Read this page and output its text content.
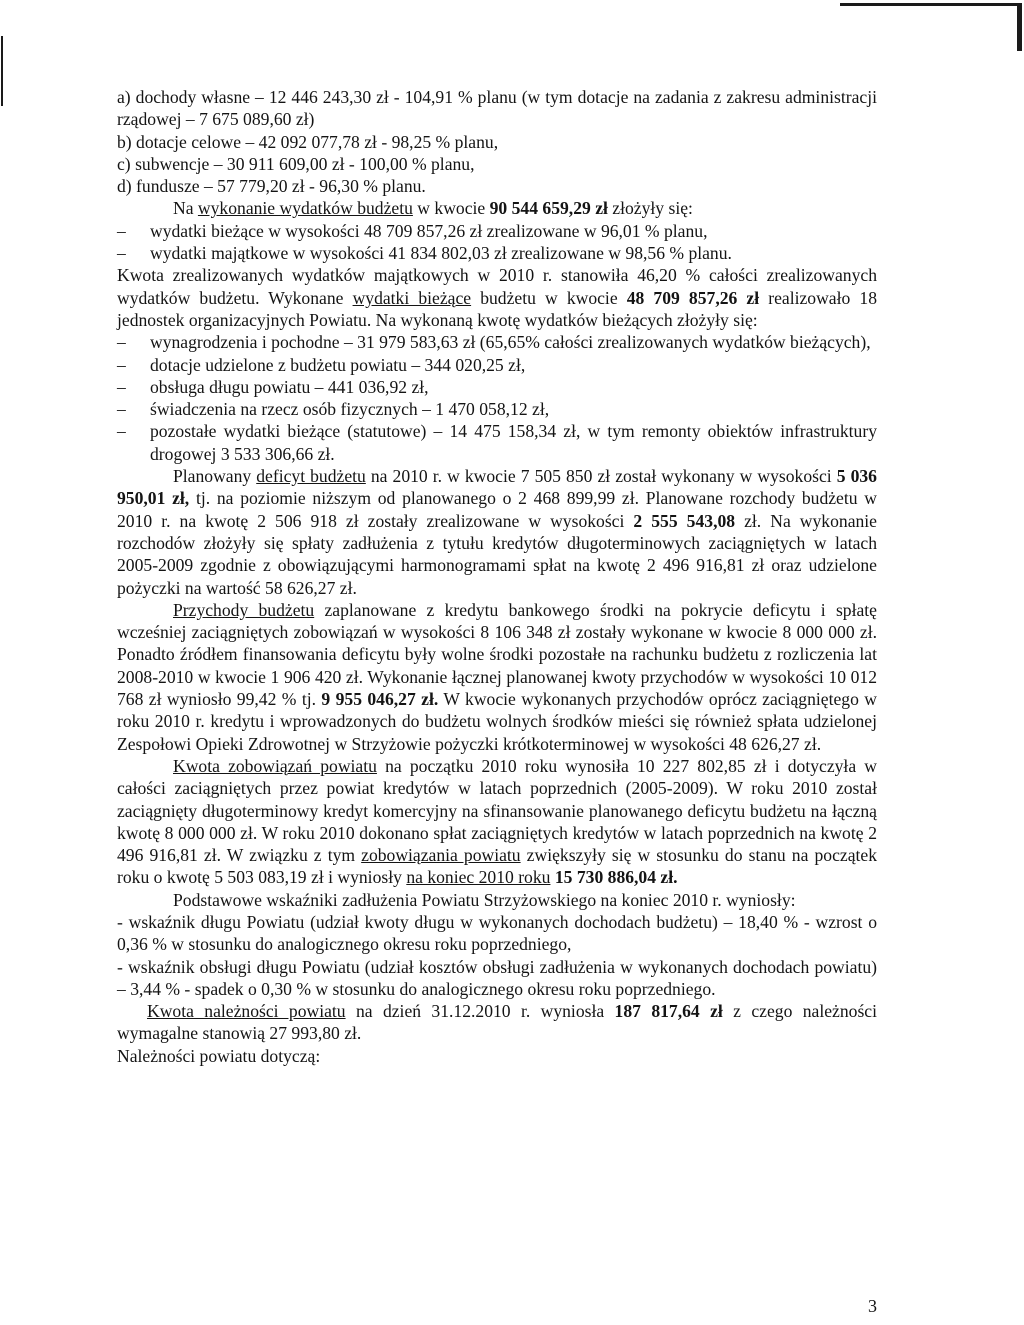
a) dochody własne – 12 446 243,30 zł - 104,91 % planu (w tym dotacje na zadania z zakresu administracji rządowej – 7 675 089,60 zł)

b) dotacje celowe – 42 092 077,78 zł - 98,25 % planu,

c) subwencje – 30 911 609,00 zł - 100,00 % planu,

d) fundusze – 57 779,20 zł - 96,30 % planu.

Na wykonanie wydatków budżetu w kwocie 90 544 659,29 zł złożyły się:

– wydatki bieżące w wysokości 48 709 857,26 zł zrealizowane w 96,01 % planu,

– wydatki majątkowe w wysokości 41 834 802,03 zł zrealizowane w 98,56 % planu.

Kwota zrealizowanych wydatków majątkowych w 2010 r. stanowiła 46,20 % całości zrealizowanych wydatków budżetu. Wykonane wydatki bieżące budżetu w kwocie 48 709 857,26 zł realizowało 18 jednostek organizacyjnych Powiatu. Na wykonaną kwotę wydatków bieżących złożyły się:

– wynagrodzenia i pochodne – 31 979 583,63 zł (65,65% całości zrealizowanych wydatków bieżących),

– dotacje udzielone z budżetu powiatu – 344 020,25 zł,

– obsługa długu powiatu – 441 036,92 zł,

– świadczenia na rzecz osób fizycznych – 1 470 058,12 zł,

– pozostałe wydatki bieżące (statutowe) – 14 475 158,34 zł, w tym remonty obiektów infrastruktury drogowej 3 533 306,66 zł.

Planowany deficyt budżetu na 2010 r. w kwocie 7 505 850 zł został wykonany w wysokości 5 036 950,01 zł, tj. na poziomie niższym od planowanego o 2 468 899,99 zł. Planowane rozchody budżetu w 2010 r. na kwotę 2 506 918 zł zostały zrealizowane w wysokości 2 555 543,08 zł. Na wykonanie rozchodów złożyły się spłaty zadłużenia z tytułu kredytów długoterminowych zaciągniętych w latach 2005-2009 zgodnie z obowiązującymi harmonogramami spłat na kwotę 2 496 916,81 zł oraz udzielone pożyczki na wartość 58 626,27 zł.

Przychody budżetu zaplanowane z kredytu bankowego środki na pokrycie deficytu i spłatę wcześniej zaciągniętych zobowiązań w wysokości 8 106 348 zł zostały wykonane w kwocie 8 000 000 zł. Ponadto źródłem finansowania deficytu były wolne środki pozostałe na rachunku budżetu z rozliczenia lat 2008-2010 w kwocie 1 906 420 zł. Wykonanie łącznej planowanej kwoty przychodów w wysokości 10 012 768 zł wyniosło 99,42 % tj. 9 955 046,27 zł. W kwocie wykonanych przychodów oprócz zaciągniętego w roku 2010 r. kredytu i wprowadzonych do budżetu wolnych środków mieści się również spłata udzielonej Zespołowi Opieki Zdrowotnej w Strzyżowie pożyczki krótkoterminowej w wysokości 48 626,27 zł.

Kwota zobowiązań powiatu na początku 2010 roku wynosiła 10 227 802,85 zł i dotyczyła w całości zaciągniętych przez powiat kredytów w latach poprzednich (2005-2009). W roku 2010 został zaciągnięty długoterminowy kredyt komercyjny na sfinansowanie planowanego deficytu budżetu na łączną kwotę 8 000 000 zł. W roku 2010 dokonano spłat zaciągniętych kredytów w latach poprzednich na kwotę 2 496 916,81 zł. W związku z tym zobowiązania powiatu zwiększyły się w stosunku do stanu na początek roku o kwotę 5 503 083,19 zł i wyniosły na koniec 2010 roku 15 730 886,04 zł.

Podstawowe wskaźniki zadłużenia Powiatu Strzyżowskiego na koniec 2010 r. wyniosły:

- wskaźnik długu Powiatu (udział kwoty długu w wykonanych dochodach budżetu) – 18,40 % - wzrost o 0,36 % w stosunku do analogicznego okresu roku poprzedniego,

- wskaźnik obsługi długu Powiatu (udział kosztów obsługi zadłużenia w wykonanych dochodach powiatu) – 3,44 % - spadek o 0,30 % w stosunku do analogicznego okresu roku poprzedniego.

Kwota należności powiatu na dzień 31.12.2010 r. wyniosła 187 817,64 zł z czego należności wymagalne stanowią 27 993,80 zł.

Należności powiatu dotyczą:

3
